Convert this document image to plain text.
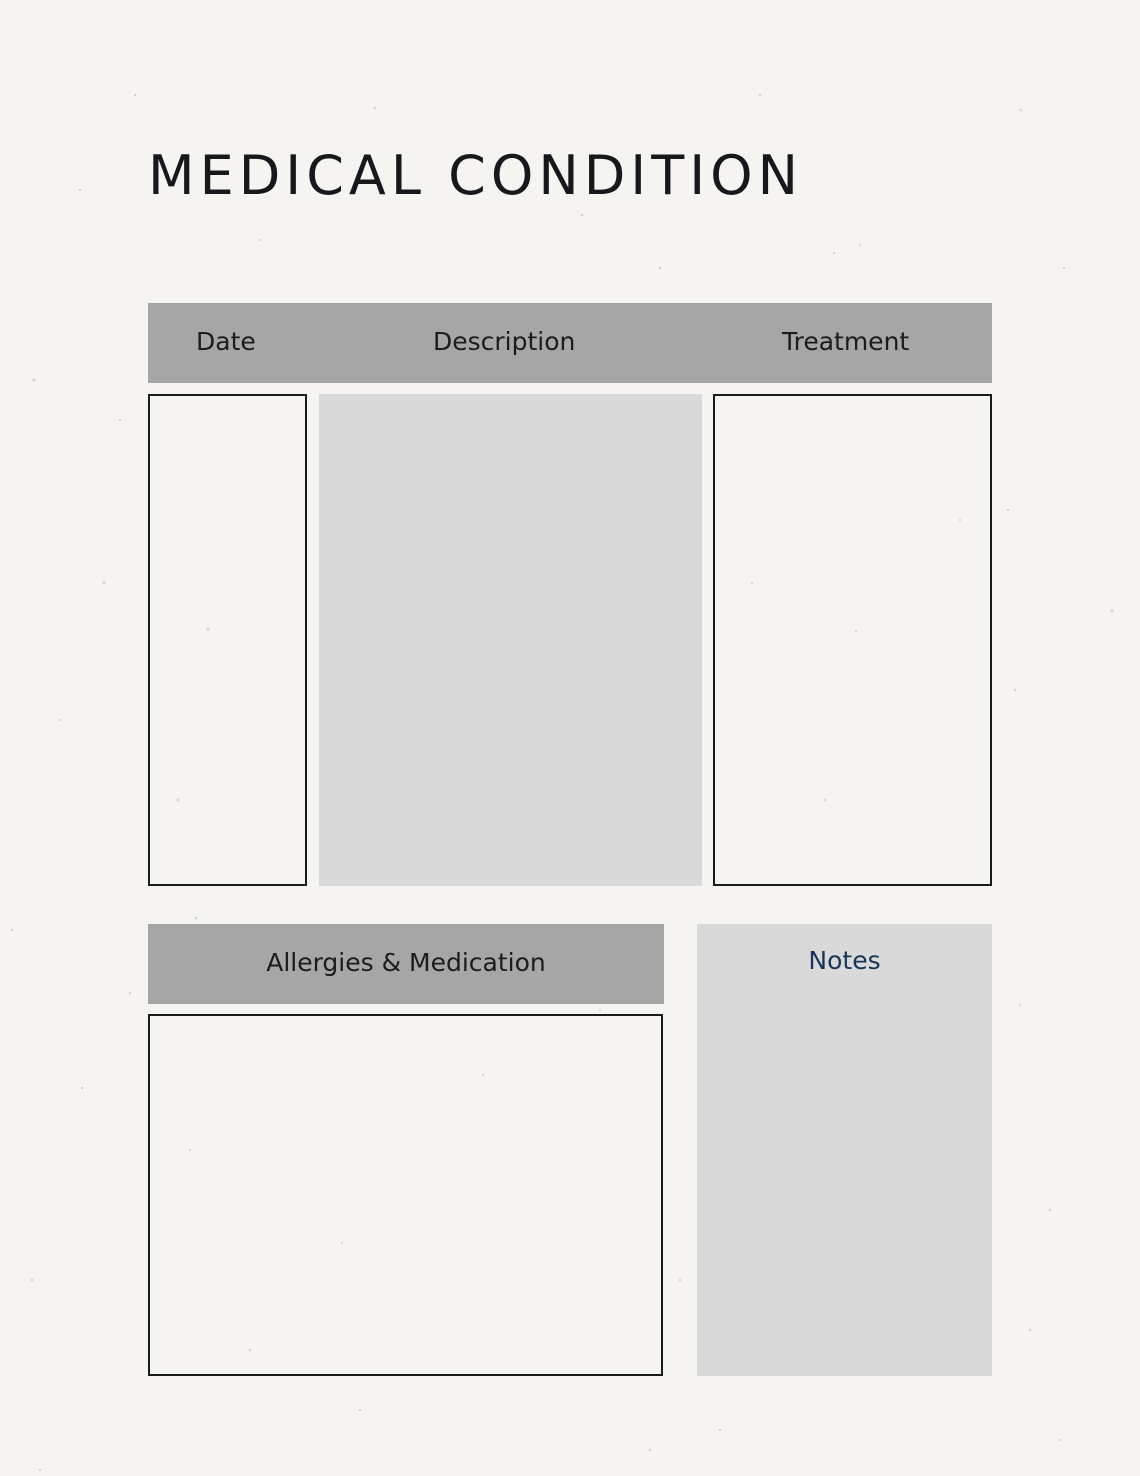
MEDICAL CONDITION
Date	Description	Treatment
Allergies & Medication	Notes
